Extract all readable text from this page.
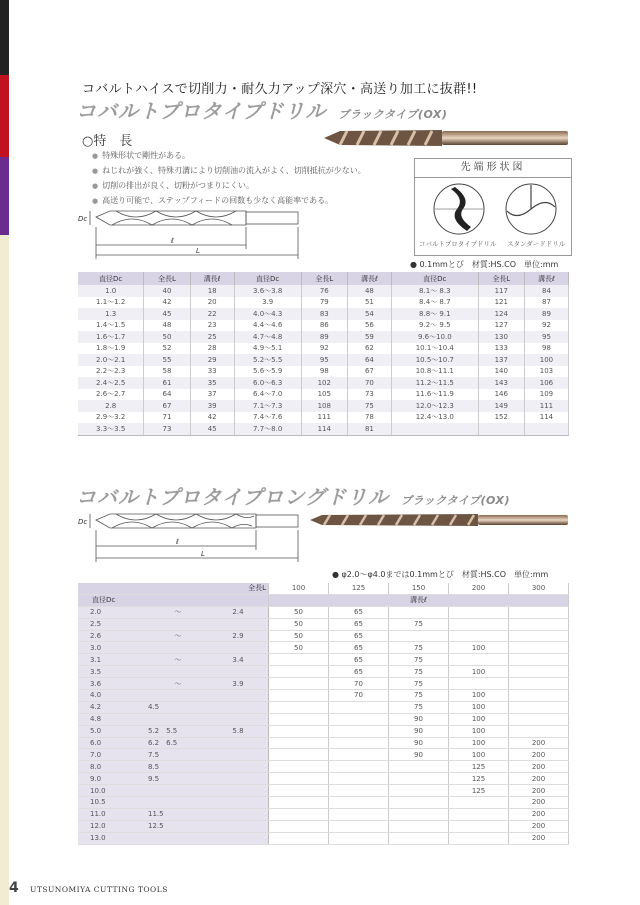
コバルトハイスで切削力・耐久力アップ深穴・高送り加工に抜群!!
コバルトプロタイプドリル ブラックタイプ(OX)
○特　長
● 特殊形状で剛性がある。
● ねじれが強く、特殊刃溝により切削油の流入がよく、切削抵抗が少ない。
● 切削の排出が良く、切粉がつまりにくい。
● 高送り可能で、ステップフィードの回数も少なく高能率である。
先端形状図
コバルトプロタイプドリル スタンダードドリル
Dc
ℓ
L
● 0.1mmとび　材質:HS.CO　単位:mm
直径Dc	全長L	溝長ℓ	直径Dc	全長L	溝長ℓ	直径Dc	全長L	溝長ℓ
1.0	40	18	3.6～3.8	76	48	8.1～ 8.3	117	84
1.1～1.2	42	20	3.9	79	51	8.4～ 8.7	121	87
1.3	45	22	4.0～4.3	83	54	8.8～ 9.1	124	89
1.4～1.5	48	23	4.4～4.6	86	56	9.2～ 9.5	127	92
1.6～1.7	50	25	4.7～4.8	89	59	9.6～10.0	130	95
1.8～1.9	52	28	4.9～5.1	92	62	10.1～10.4	133	98
2.0～2.1	55	29	5.2～5.5	95	64	10.5～10.7	137	100
2.2～2.3	58	33	5.6～5.9	98	67	10.8～11.1	140	103
2.4～2.5	61	35	6.0～6.3	102	70	11.2～11.5	143	106
2.6～2.7	64	37	6.4～7.0	105	73	11.6～11.9	146	109
2.8	67	39	7.1～7.3	108	75	12.0～12.3	149	111
2.9～3.2	71	42	7.4～7.6	111	78	12.4～13.0	152	114
3.3～3.5	73	45	7.7～8.0	114	81			
コバルトプロタイプロングドリル ブラックタイプ(OX)
Dc
ℓ
L
● φ2.0～φ4.0までは0.1mmとび　材質:HS.CO　単位:mm
全長L			100	125	150	200	300
直径Dc			溝長ℓ				
2.0	～	2.4	50	65			
2.5			50	65	75		
2.6	～	2.9	50	65			
3.0			50	65	75	100	
3.1	～	3.4		65	75		
3.5				65	75	100	
3.6	～	3.9		70	75		
4.0				70	75	100	
4.2	4.5				75	100	
4.8					90	100	
5.0	5.2　5.5	5.8			90	100	
6.0	6.2　6.5				90	100	200
7.0	7.5				90	100	200
8.0	8.5					125	200
9.0	9.5					125	200
10.0						125	200
10.5							200
11.0	11.5						200
12.0	12.5						200
13.0							200
4 UTSUNOMIYA CUTTING TOOLS
